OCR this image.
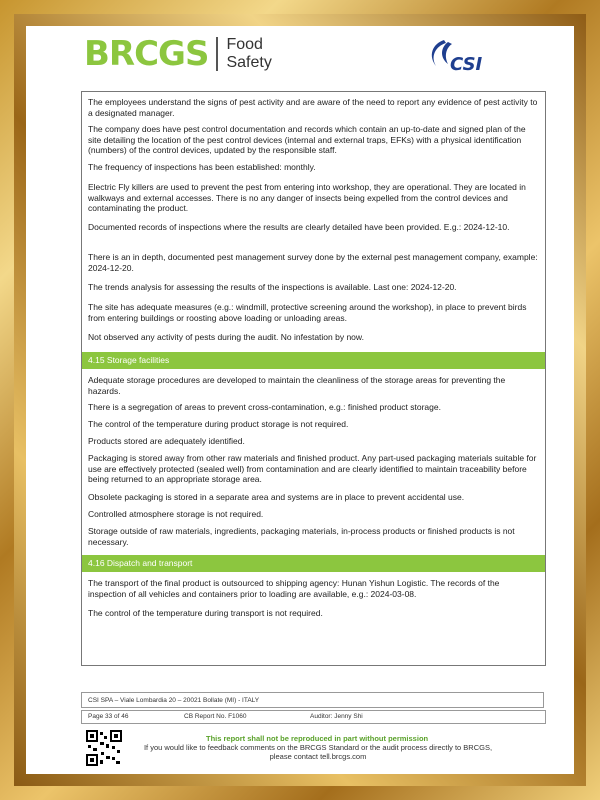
BRCGS Food
Safety	CSI

The employees understand the signs of pest activity and are aware of the need to report any evidence of pest activity to a designated manager.

The company does have pest control documentation and records which contain an up-to-date and signed plan of the site detailing the location of the pest control devices (internal and external traps, EFKs) with a physical identification (numbers) of the control devices, updated by the responsible staff.

The frequency of inspections has been established: monthly.

Electric Fly killers are used to prevent the pest from entering into workshop, they are operational. They are located in walkways and external accesses. There is no any danger of insects being expelled from the control devices and contaminating the product.

Documented records of inspections where the results are clearly detailed have been provided. E.g.: 2024-12-10.

There is an in depth, documented pest management survey done by the external pest management company, example: 2024-12-20.

The trends analysis for assessing the results of the inspections is available. Last one: 2024-12-20.

The site has adequate measures (e.g.: windmill, protective screening around the workshop), in place to prevent birds from entering buildings or roosting above loading or unloading areas.

Not observed any activity of pests during the audit. No infestation by now.

4.15 Storage facilities

Adequate storage procedures are developed to maintain the cleanliness of the storage areas for preventing the hazards.

There is a segregation of areas to prevent cross-contamination, e.g.: finished product storage.

The control of the temperature during product storage is not required.

Products stored are adequately identified.

Packaging is stored away from other raw materials and finished product. Any part-used packaging materials suitable for use are effectively protected (sealed well) from contamination and are clearly identified to maintain traceability before being returned to an appropriate storage area.

Obsolete packaging is stored in a separate area and systems are in place to prevent accidental use.

Controlled atmosphere storage is not required.

Storage outside of raw materials, ingredients, packaging materials, in-process products or finished products is not necessary.

4.16 Dispatch and transport

The transport of the final product is outsourced to shipping agency: Hunan Yishun Logistic. The records of the inspection of all vehicles and containers prior to loading are available, e.g.: 2024-03-08.

The control of the temperature during transport is not required.

CSI SPA – Viale Lombardia 20 – 20021 Bollate (MI) - ITALY
Page 33 of 46	CB Report No. F1060	Auditor: Jenny Shi
This report shall not be reproduced in part without permission
If you would like to feedback comments on the BRCGS Standard or the audit process directly to BRCGS, please contact tell.brcgs.com
